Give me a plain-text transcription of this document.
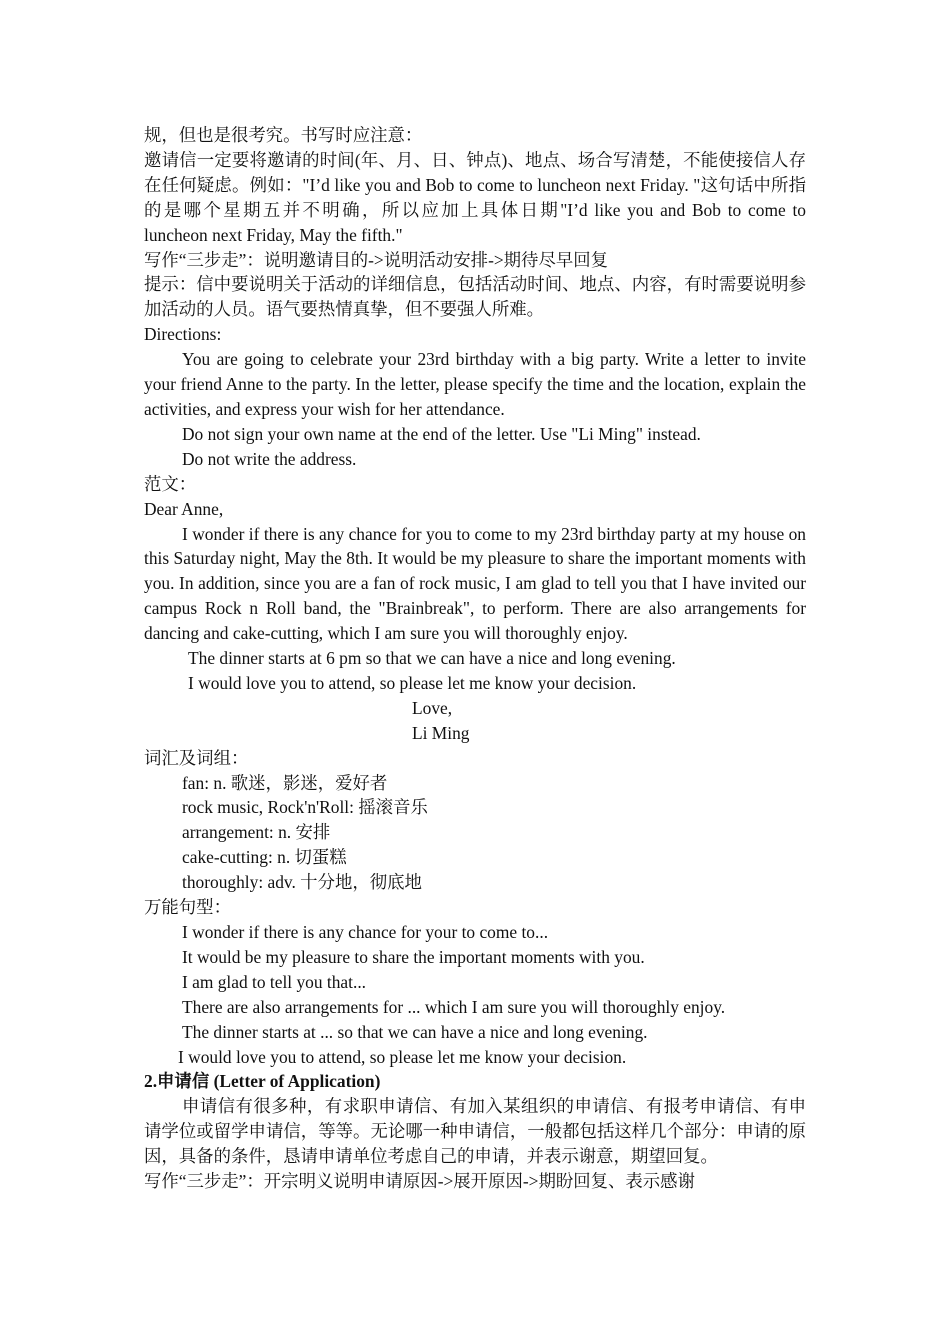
规，但也是很考究。书写时应注意：

邀请信一定要将邀请的时间(年、月、日、钟点)、地点、场合写清楚，不能使接信人存在任何疑虑。例如："I’d like you and Bob to come to luncheon next Friday. "这句话中所指的是哪个星期五并不明确，所以应加上具体日期"I’d like you and Bob to come to luncheon next Friday, May the fifth."

写作“三步走”：说明邀请目的->说明活动安排->期待尽早回复

提示：信中要说明关于活动的详细信息，包括活动时间、地点、内容，有时需要说明参加活动的人员。语气要热情真挚，但不要强人所难。

Directions:

You are going to celebrate your 23rd birthday with a big party. Write a letter to invite your friend Anne to the party. In the letter, please specify the time and the location, explain the activities, and express your wish for her attendance.

Do not sign your own name at the end of the letter. Use "Li Ming" instead.

Do not write the address.

范文：

Dear Anne,

I wonder if there is any chance for you to come to my 23rd birthday party at my house on this Saturday night, May the 8th. It would be my pleasure to share the important moments with you. In addition, since you are a fan of rock music, I am glad to tell you that I have invited our campus Rock n Roll band, the "Brainbreak", to perform. There are also arrangements for dancing and cake-cutting, which I am sure you will thoroughly enjoy.

The dinner starts at 6 pm so that we can have a nice and long evening.

I would love you to attend, so please let me know your decision.

Love,

Li Ming

词汇及词组：

fan: n. 歌迷，影迷，爱好者

rock music, Rock'n'Roll: 摇滚音乐

arrangement: n. 安排

cake-cutting: n. 切蛋糕

thoroughly: adv. 十分地，彻底地

万能句型：

I wonder if there is any chance for your to come to...

It would be my pleasure to share the important moments with you.

I am glad to tell you that...

There are also arrangements for ... which I am sure you will thoroughly enjoy.

The dinner starts at ... so that we can have a nice and long evening.

I would love you to attend, so please let me know your decision.

2.申请信 (Letter of Application)

申请信有很多种，有求职申请信、有加入某组织的申请信、有报考申请信、有申请学位或留学申请信，等等。无论哪一种申请信，一般都包括这样几个部分：申请的原因，具备的条件，恳请申请单位考虑自己的申请，并表示谢意，期望回复。

写作“三步走”：开宗明义说明申请原因->展开原因->期盼回复、表示感谢
